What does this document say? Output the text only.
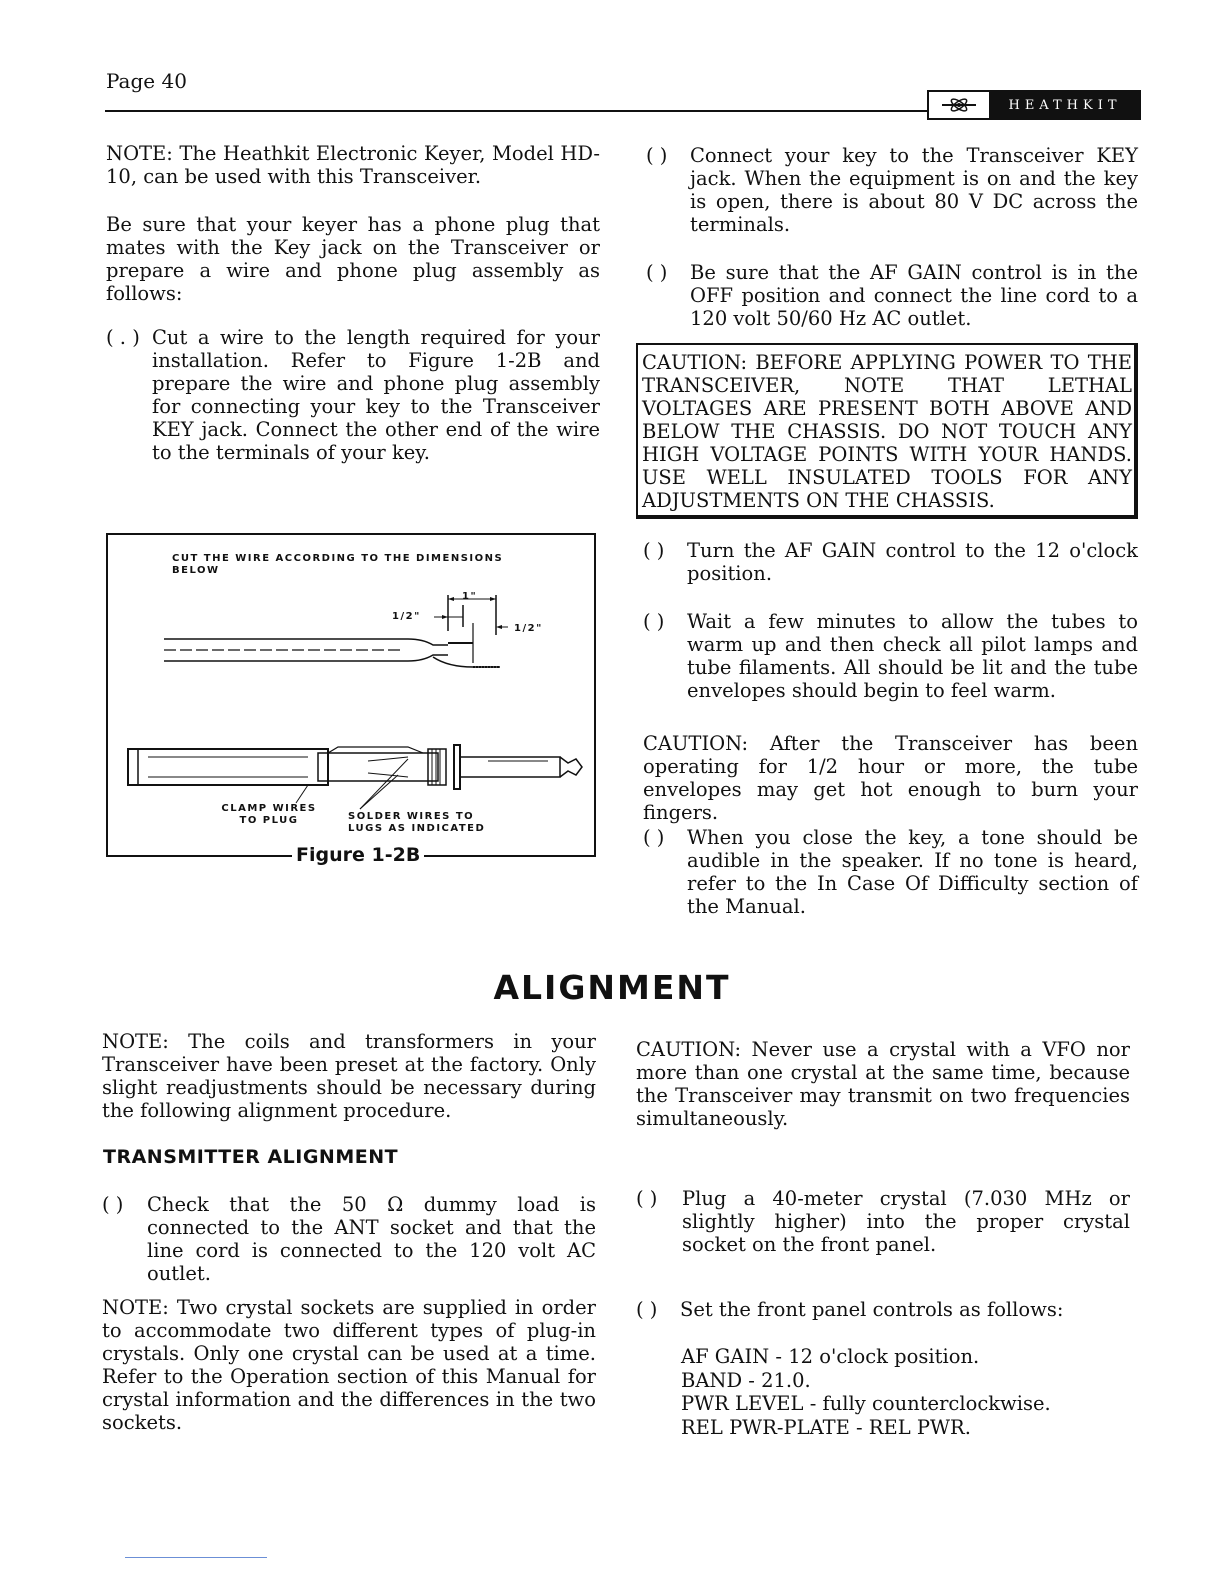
Page 40
HEATHKIT
NOTE: The Heathkit Electronic Keyer, Model HD-10, can be used with this Transceiver.
Be sure that your keyer has a phone plug that mates with the Key jack on the Transceiver or prepare a wire and phone plug assembly as follows:
( . ) Cut a wire to the length required for your installation. Refer to Figure 1-2B and prepare the wire and phone plug assembly for connecting your key to the Transceiver KEY jack. Connect the other end of the wire to the terminals of your key.
CUT THE WIRE ACCORDING TO THE DIMENSIONS BELOW
1"
1/2"
1/2"
CLAMP WIRES TO PLUG	SOLDER WIRES TO LUGS AS INDICATED
Figure 1-2B
( ) Connect your key to the Transceiver KEY jack. When the equipment is on and the key is open, there is about 80 V DC across the terminals.
( ) Be sure that the AF GAIN control is in the OFF position and connect the line cord to a 120 volt 50/60 Hz AC outlet.
CAUTION: BEFORE APPLYING POWER TO THE TRANSCEIVER, NOTE THAT LETHAL VOLTAGES ARE PRESENT BOTH ABOVE AND BELOW THE CHASSIS. DO NOT TOUCH ANY HIGH VOLTAGE POINTS WITH YOUR HANDS. USE WELL INSULATED TOOLS FOR ANY ADJUSTMENTS ON THE CHASSIS.
( ) Turn the AF GAIN control to the 12 o'clock position.
( ) Wait a few minutes to allow the tubes to warm up and then check all pilot lamps and tube filaments. All should be lit and the tube envelopes should begin to feel warm.
CAUTION: After the Transceiver has been operating for 1/2 hour or more, the tube envelopes may get hot enough to burn your fingers.
( ) When you close the key, a tone should be audible in the speaker. If no tone is heard, refer to the In Case Of Difficulty section of the Manual.
ALIGNMENT
NOTE: The coils and transformers in your Transceiver have been preset at the factory. Only slight readjustments should be necessary during the following alignment procedure.
TRANSMITTER ALIGNMENT
( ) Check that the 50 Ω dummy load is connected to the ANT socket and that the line cord is connected to the 120 volt AC outlet.
NOTE: Two crystal sockets are supplied in order to accommodate two different types of plug-in crystals. Only one crystal can be used at a time. Refer to the Operation section of this Manual for crystal information and the differences in the two sockets.
CAUTION: Never use a crystal with a VFO nor more than one crystal at the same time, because the Transceiver may transmit on two frequencies simultaneously.
( ) Plug a 40-meter crystal (7.030 MHz or slightly higher) into the proper crystal socket on the front panel.
( ) Set the front panel controls as follows:
AF GAIN - 12 o'clock position.
BAND - 21.0.
PWR LEVEL - fully counterclockwise.
REL PWR-PLATE - REL PWR.
